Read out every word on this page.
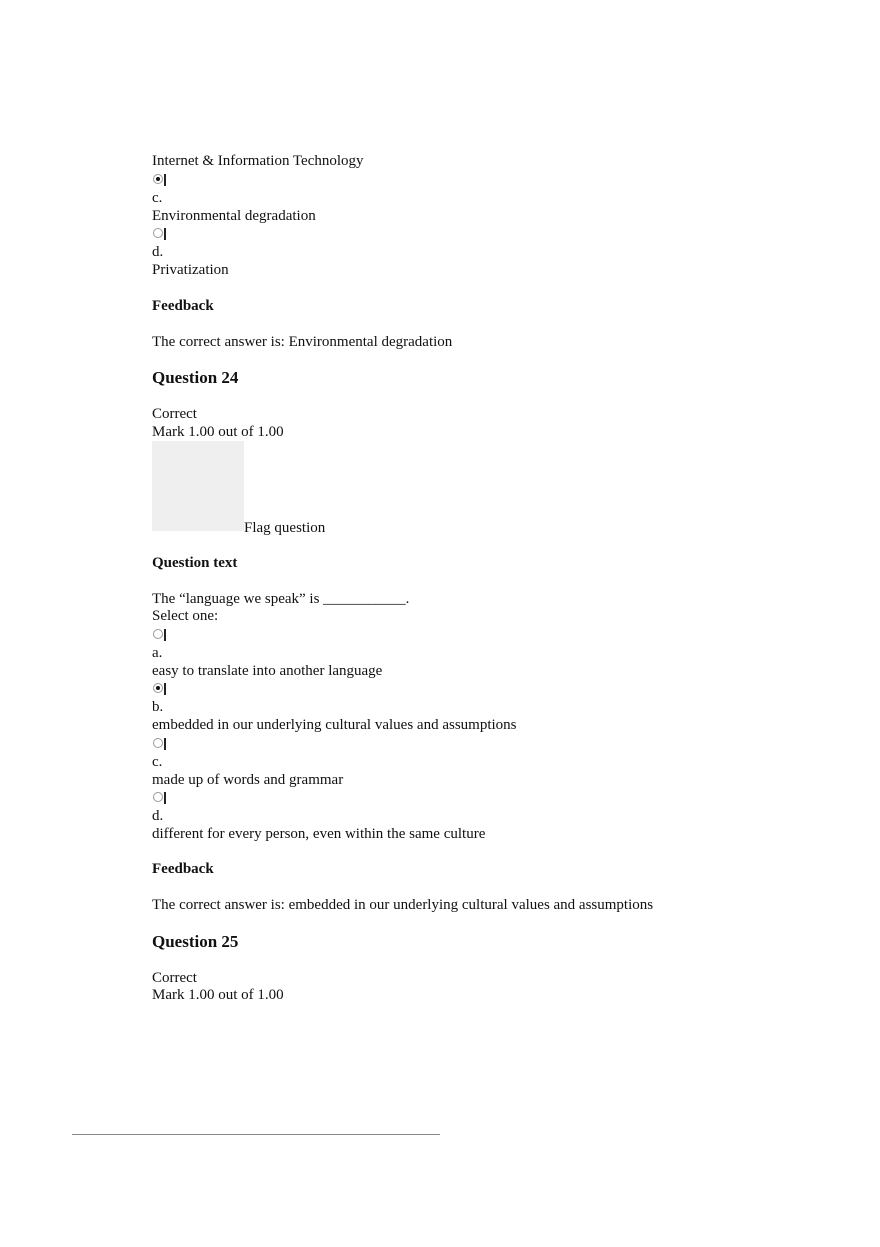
Internet & Information Technology
c.
Environmental degradation
d.
Privatization
Feedback
The correct answer is: Environmental degradation
Question 24
Correct
Mark 1.00 out of 1.00
Flag question
Question text
The “language we speak” is ___________.
Select one:
a.
easy to translate into another language
b.
embedded in our underlying cultural values and assumptions
c.
made up of words and grammar
d.
different for every person, even within the same culture
Feedback
The correct answer is: embedded in our underlying cultural values and assumptions
Question 25
Correct
Mark 1.00 out of 1.00
